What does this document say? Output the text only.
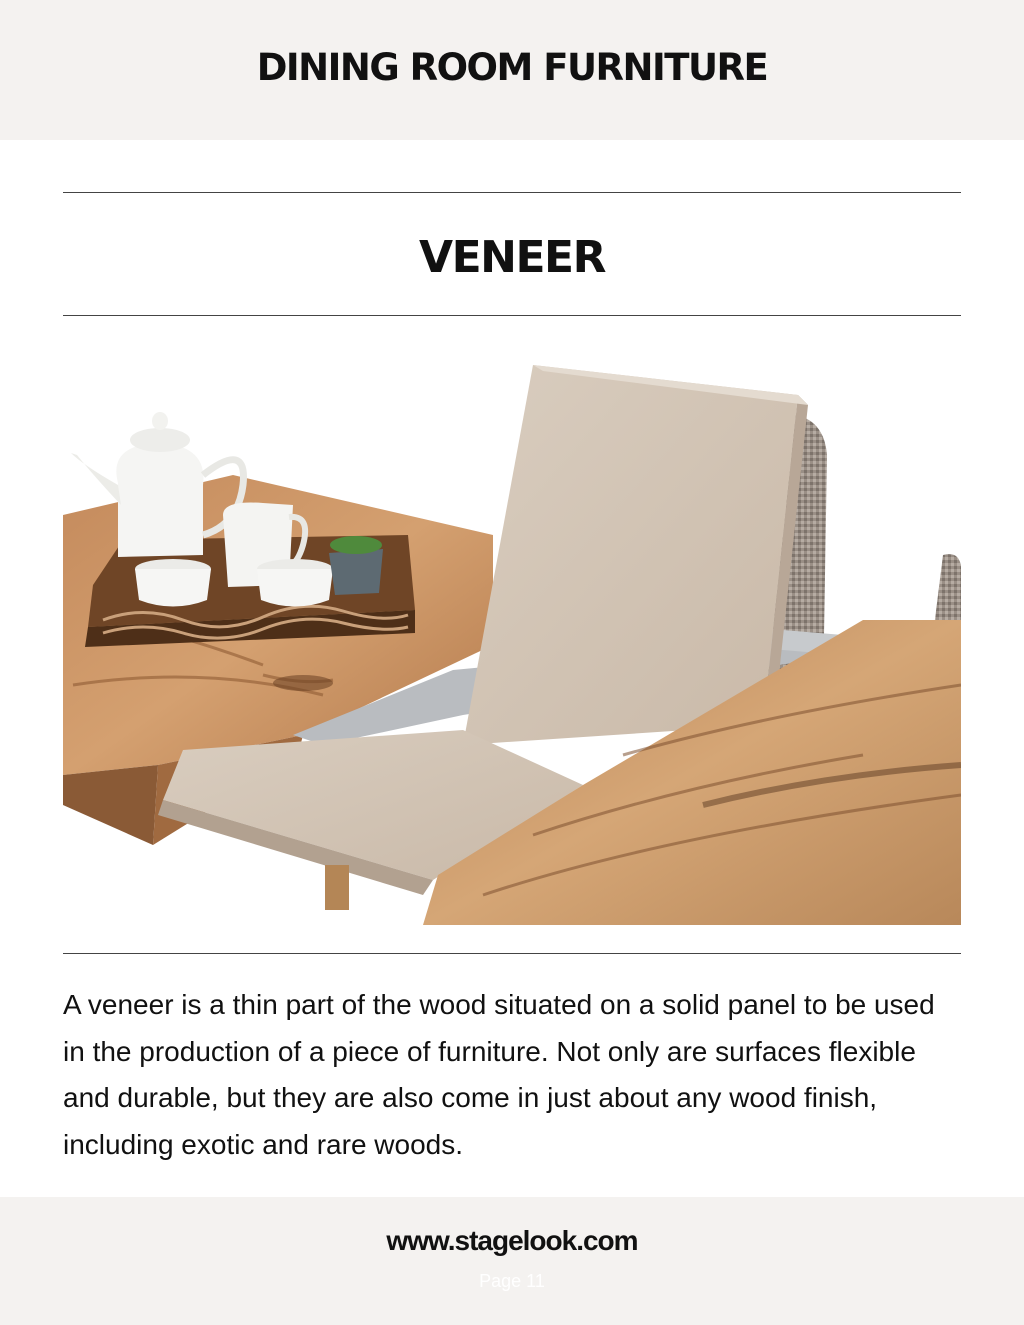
DINING ROOM FURNITURE
VENEER

A veneer is a thin part of the wood situated on a solid panel to be used in the production of a piece of furniture. Not only are surfaces flexible and durable, but they are also come in just about any wood finish, including exotic and rare woods.

www.stagelook.com
Page 11
